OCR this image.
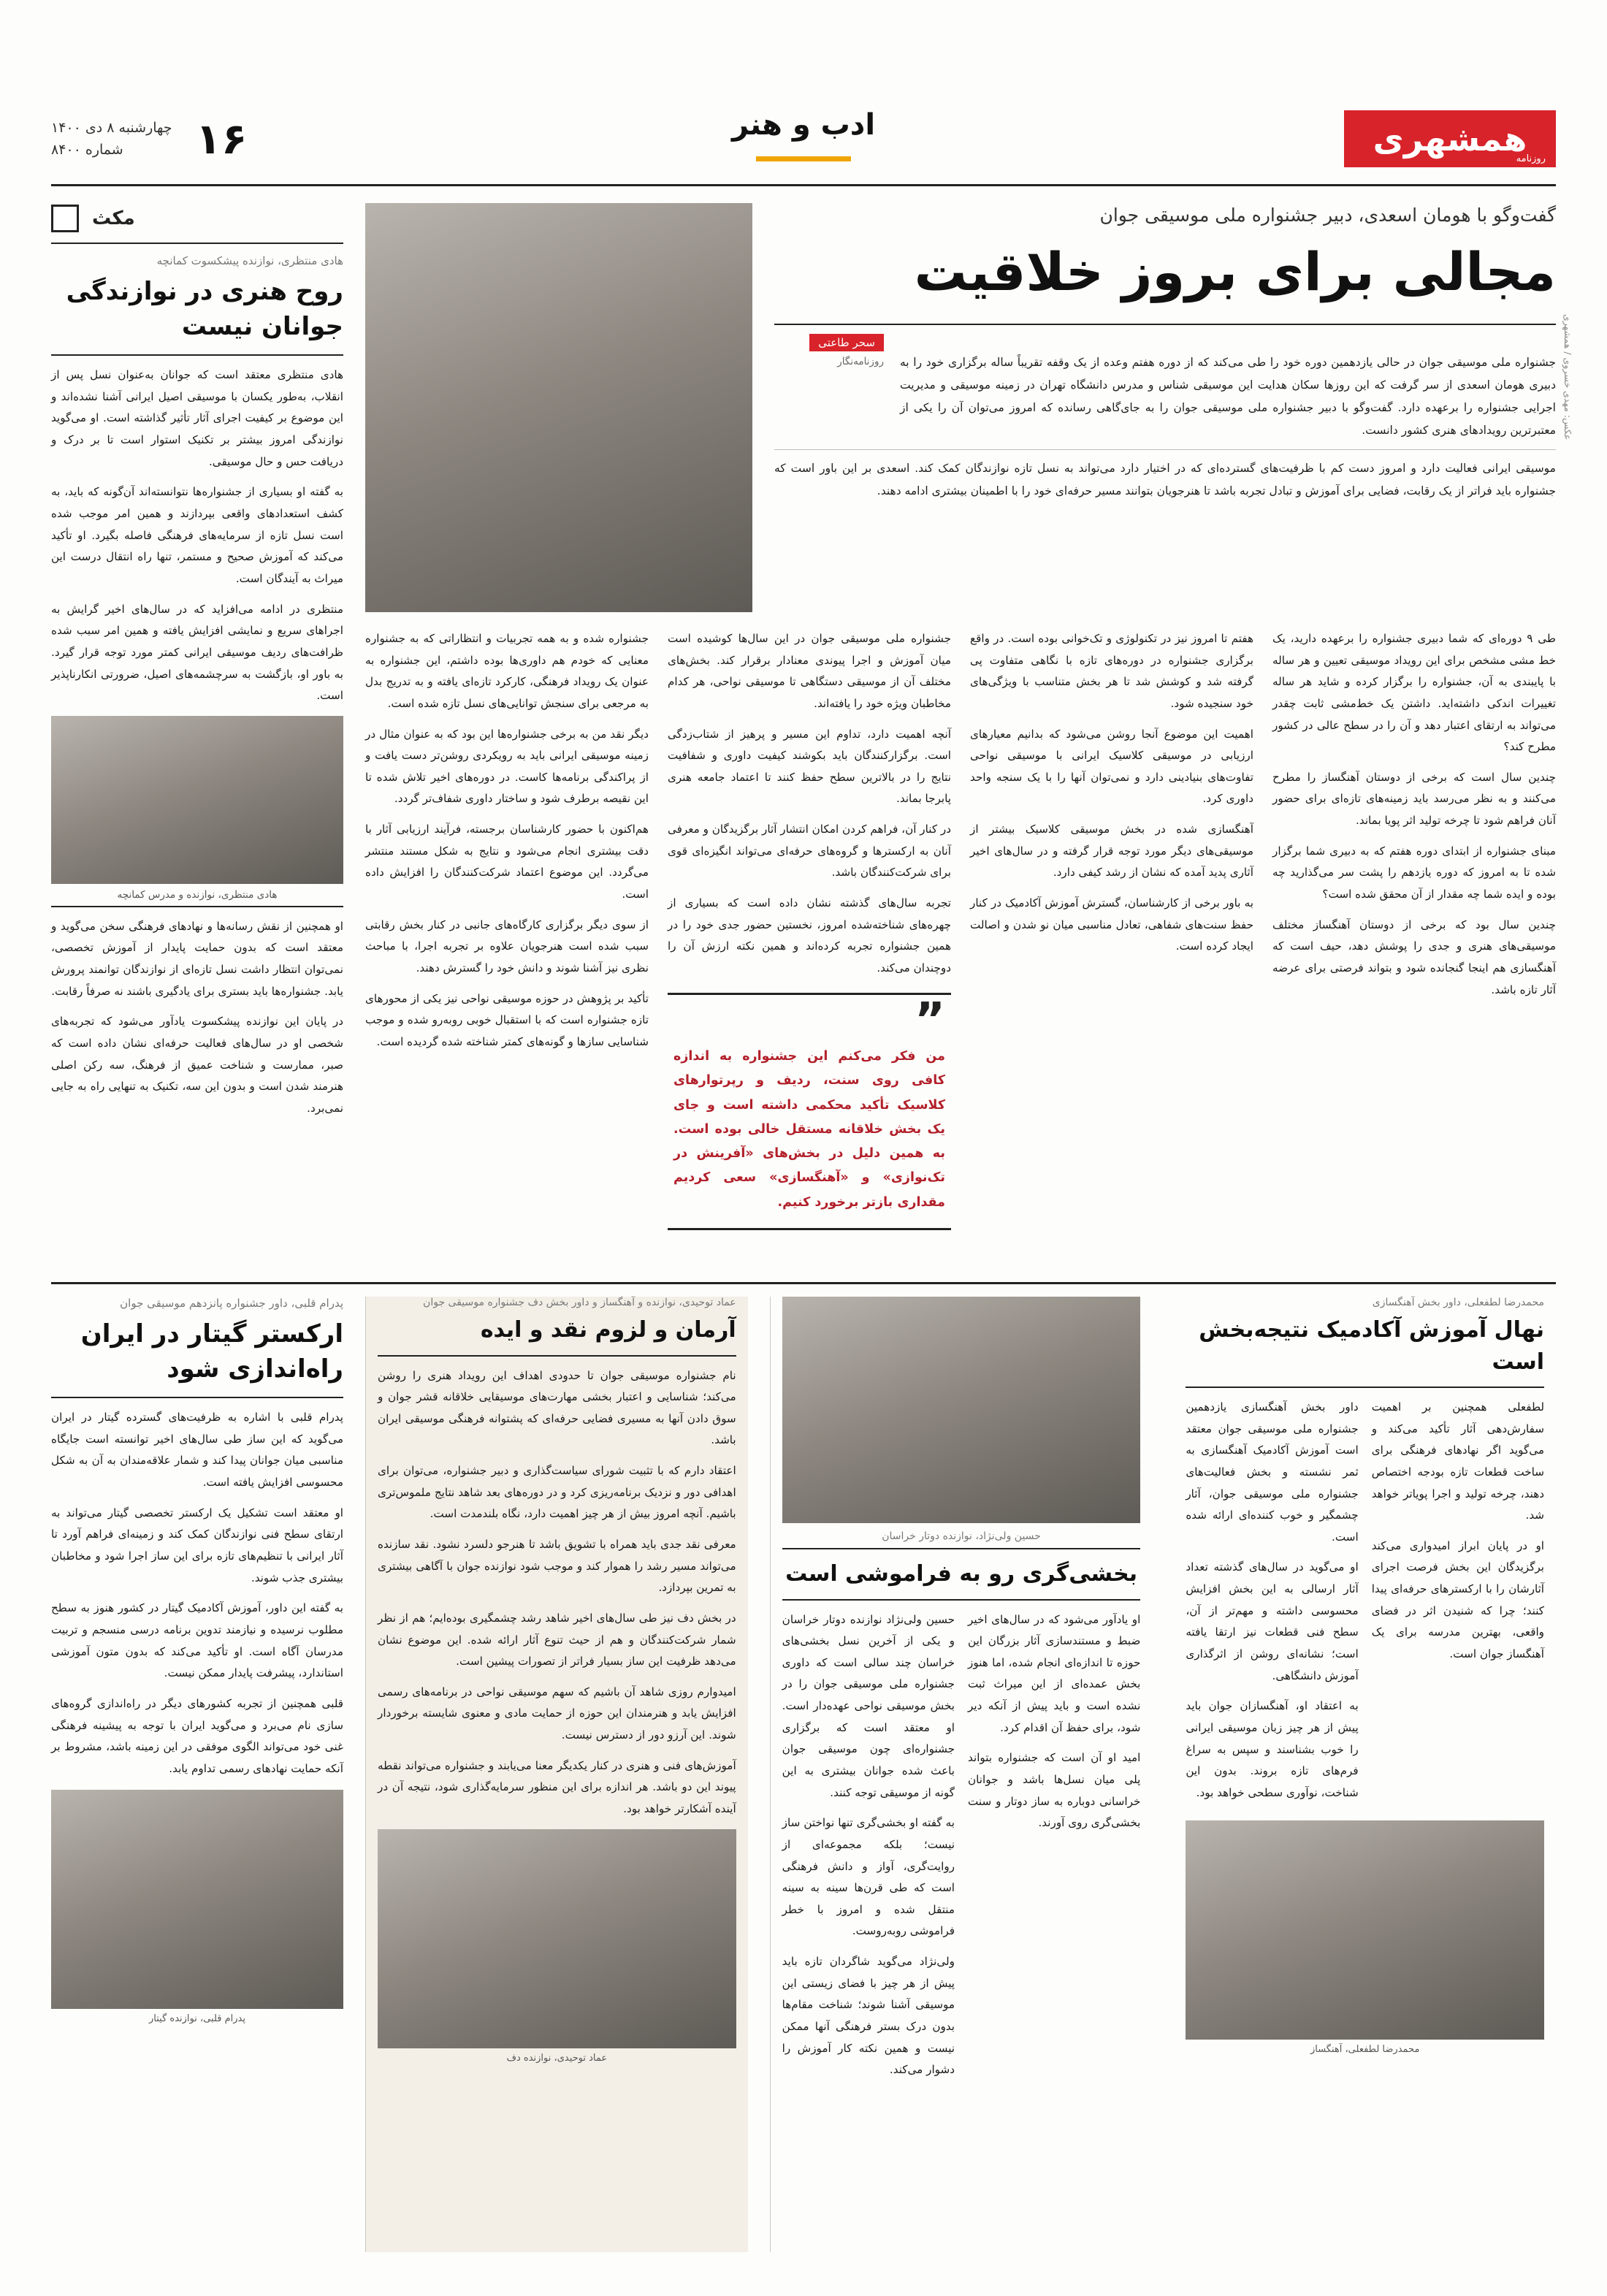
همشهری
روزنامه
۱۶
چهارشنبه ۸ دی ۱۴۰۰
شماره ۸۴۰۰
ادب و هنر
مکث
هادی منتظری، نوازنده پیشکسوت کمانچه
روح هنری در نوازندگی جوانان نیست

هادی منتظری معتقد است که جوانان به‌عنوان نسل پس از انقلاب، به‌طور یکسان با موسیقی اصیل ایرانی آشنا نشده‌اند و این موضوع بر کیفیت اجرای آثار تأثیر گذاشته است. او می‌گوید نوازندگی امروز بیشتر بر تکنیک استوار است تا بر درک و دریافت حس و حال موسیقی.

به گفته او بسیاری از جشنواره‌ها نتوانسته‌اند آن‌گونه که باید، به کشف استعدادهای واقعی بپردازند و همین امر موجب شده است نسل تازه از سرمایه‌های فرهنگی فاصله بگیرد. او تأکید می‌کند که آموزش صحیح و مستمر، تنها راه انتقال درست این میراث به آیندگان است.

منتظری در ادامه می‌افزاید که در سال‌های اخیر گرایش به اجراهای سریع و نمایشی افزایش یافته و همین امر سبب شده ظرافت‌های ردیف موسیقی ایرانی کمتر مورد توجه قرار گیرد. به باور او، بازگشت به سرچشمه‌های اصیل، ضرورتی انکارناپذیر است.

هادی منتظری، نوازنده و مدرس کمانچه

او همچنین از نقش رسانه‌ها و نهادهای فرهنگی سخن می‌گوید و معتقد است که بدون حمایت پایدار از آموزش تخصصی، نمی‌توان انتظار داشت نسل تازه‌ای از نوازندگان توانمند پرورش یابد. جشنواره‌ها باید بستری برای یادگیری باشند نه صرفاً رقابت.

در پایان این نوازنده پیشکسوت یادآور می‌شود که تجربه‌های شخصی او در سال‌های فعالیت حرفه‌ای نشان داده است که صبر، ممارست و شناخت عمیق از فرهنگ، سه رکن اصلی هنرمند شدن است و بدون این سه، تکنیک به تنهایی راه به جایی نمی‌برد.

گفت‌وگو با هومان اسعدی، دبیر جشنواره ملی موسیقی جوان
مجالی برای بروز خلاقیت
سحر طاعتی
روزنامه‌نگار جشنواره ملی موسیقی جوان در حالی یازدهمین دوره خود را طی می‌کند که از دوره هفتم وعده از یک وقفه تقریباً ساله برگزاری خود را به دبیری هومان اسعدی از سر گرفت که این روزها سکان هدایت این موسیقی شناس و مدرس دانشگاه تهران در زمینه موسیقی و مدیریت اجرایی جشنواره را برعهده دارد. گفت‌وگو با دبیر جشنواره ملی موسیقی جوان را به جای‌گاهی رسانده که امروز می‌توان آن را یکی از معتبرترین رویدادهای هنری کشور دانست.
موسیقی ایرانی فعالیت دارد و امروز دست کم با ظرفیت‌های گسترده‌ای که در اختیار دارد می‌تواند به نسل تازه نوازندگان کمک کند. اسعدی بر این باور است که جشنواره باید فراتر از یک رقابت، فضایی برای آموزش و تبادل تجربه باشد تا هنرجویان بتوانند مسیر حرفه‌ای خود را با اطمینان بیشتری ادامه دهند.
عکس: مهدی خسروی / همشهری

جشنواره شده و به همه تجربیات و انتظاراتی که به جشنواره معنایی که خودم هم داوری‌ها بوده داشتم، این جشنواره به عنوان یک رویداد فرهنگی، کارکرد تازه‌ای یافته و به تدریج بدل به مرجعی برای سنجش توانایی‌های نسل تازه شده است.

دیگر نقد من به برخی جشنواره‌ها این بود که به عنوان مثال در زمینه موسیقی ایرانی باید به رویکردی روشن‌تر دست یافت و از پراکندگی برنامه‌ها کاست. در دوره‌های اخیر تلاش شده تا این نقیصه برطرف شود و ساختار داوری شفاف‌تر گردد.

هم‌اکنون با حضور کارشناسان برجسته، فرآیند ارزیابی آثار با دقت بیشتری انجام می‌شود و نتایج به شکل مستند منتشر می‌گردد. این موضوع اعتماد شرکت‌کنندگان را افزایش داده است.

از سوی دیگر برگزاری کارگاه‌های جانبی در کنار بخش رقابتی سبب شده است هنرجویان علاوه بر تجربه اجرا، با مباحث نظری نیز آشنا شوند و دانش خود را گسترش دهند.

تأکید بر پژوهش در حوزه موسیقی نواحی نیز یکی از محورهای تازه جشنواره است که با استقبال خوبی روبه‌رو شده و موجب شناسایی سازها و گونه‌های کمتر شناخته شده گردیده است.

جشنواره ملی موسیقی جوان در این سال‌ها کوشیده است میان آموزش و اجرا پیوندی معنادار برقرار کند. بخش‌های مختلف آن از موسیقی دستگاهی تا موسیقی نواحی، هر کدام مخاطبان ویژه خود را یافته‌اند.

آنچه اهمیت دارد، تداوم این مسیر و پرهیز از شتاب‌زدگی است. برگزارکنندگان باید بکوشند کیفیت داوری و شفافیت نتایج را در بالاترین سطح حفظ کنند تا اعتماد جامعه هنری پابرجا بماند.

در کنار آن، فراهم کردن امکان انتشار آثار برگزیدگان و معرفی آنان به ارکسترها و گروه‌های حرفه‌ای می‌تواند انگیزه‌ای قوی برای شرکت‌کنندگان باشد.

تجربه سال‌های گذشته نشان داده است که بسیاری از چهره‌های شناخته‌شده امروز، نخستین حضور جدی خود را در همین جشنواره تجربه کرده‌اند و همین نکته ارزش آن را دوچندان می‌کند.

”
من فکر می‌کنم این جشنواره به اندازه کافی روی سنت، ردیف و رپرتوارهای کلاسیک تأکید محکمی داشته است و جای یک بخش خلاقانه مستقل خالی بوده است. به همین دلیل در بخش‌های «آفرینش در تک‌نوازی» و «آهنگسازی» سعی کردیم مقداری بازتر برخورد کنیم.

هفتم تا امروز نیز در تکنولوژی و تک‌خوانی بوده است. در واقع برگزاری جشنواره در دوره‌های تازه با نگاهی متفاوت پی گرفته شد و کوشش شد تا هر بخش متناسب با ویژگی‌های خود سنجیده شود.

اهمیت این موضوع آنجا روشن می‌شود که بدانیم معیارهای ارزیابی در موسیقی کلاسیک ایرانی با موسیقی نواحی تفاوت‌های بنیادینی دارد و نمی‌توان آنها را با یک سنجه واحد داوری کرد.

آهنگسازی شده در بخش موسیقی کلاسیک بیشتر از موسیقی‌های دیگر مورد توجه قرار گرفته و در سال‌های اخیر آثاری پدید آمده که نشان از رشد کیفی دارد.

به باور برخی از کارشناسان، گسترش آموزش آکادمیک در کنار حفظ سنت‌های شفاهی، تعادل مناسبی میان نو شدن و اصالت ایجاد کرده است.

طی ۹ دوره‌ای که شما دبیری جشنواره را برعهده دارید، یک خط مشی مشخص برای این رویداد موسیقی تعیین و هر ساله با پایبندی به آن، جشنواره را برگزار کرده و شاید هر ساله تغییرات اندکی داشته‌اید. داشتن یک خط‌مشی ثابت چقدر می‌تواند به ارتقای اعتبار دهد و آن را در سطح عالی در کشور مطرح کند؟

چندین سال است که برخی از دوستان آهنگساز را مطرح می‌کنند و به نظر می‌رسد باید زمینه‌های تازه‌ای برای حضور آنان فراهم شود تا چرخه تولید اثر پویا بماند.

مبنای جشنواره از ابتدای دوره هفتم که به دبیری شما برگزار شده تا به امروز که دوره یازدهم را پشت سر می‌گذارید چه بوده و ایده شما چه مقدار از آن محقق شده است؟

چندین سال بود که برخی از دوستان آهنگساز مختلف موسیقی‌های هنری و جدی را پوشش دهد، حیف است که آهنگسازی هم اینجا گنجانده شود و بتواند فرصتی برای عرضه آثار تازه باشد.

پدرام قلبی، داور جشنواره پانزدهم موسیقی جوان
ارکستر گیتار در ایران راه‌اندازی شود

پدرام قلبی با اشاره به ظرفیت‌های گسترده گیتار در ایران می‌گوید که این ساز طی سال‌های اخیر توانسته است جایگاه مناسبی میان جوانان پیدا کند و شمار علاقه‌مندان به آن به شکل محسوسی افزایش یافته است.

او معتقد است تشکیل یک ارکستر تخصصی گیتار می‌تواند به ارتقای سطح فنی نوازندگان کمک کند و زمینه‌ای فراهم آورد تا آثار ایرانی با تنظیم‌های تازه برای این ساز اجرا شود و مخاطبان بیشتری جذب شوند.

به گفته این داور، آموزش آکادمیک گیتار در کشور هنوز به سطح مطلوب نرسیده و نیازمند تدوین برنامه درسی منسجم و تربیت مدرسان آگاه است. او تأکید می‌کند که بدون متون آموزشی استاندارد، پیشرفت پایدار ممکن نیست.

قلبی همچنین از تجربه کشورهای دیگر در راه‌اندازی گروه‌های سازی نام می‌برد و می‌گوید ایران با توجه به پیشینه فرهنگی غنی خود می‌تواند الگوی موفقی در این زمینه باشد، مشروط بر آنکه حمایت نهادهای رسمی تداوم یابد.

پدرام قلبی، نوازنده گیتار
عماد توحیدی، نوازنده و آهنگساز و داور بخش دف جشنواره موسیقی جوان
آرمان و لزوم نقد و ایده

نام جشنواره موسیقی جوان تا حدودی اهداف این رویداد هنری را روشن می‌کند؛ شناسایی و اعتبار بخشی مهارت‌های موسیقایی خلاقانه قشر جوان و سوق دادن آنها به مسیری فضایی حرفه‌ای که پشتوانه فرهنگی موسیقی ایران باشد.

اعتقاد دارم که با تثبیت شورای سیاست‌گذاری و دبیر جشنواره، می‌توان برای اهدافی دور و نزدیک برنامه‌ریزی کرد و در دوره‌های بعد شاهد نتایج ملموس‌تری باشیم. آنچه امروز بیش از هر چیز اهمیت دارد، نگاه بلندمدت است.

معرفی نقد جدی باید همراه با تشویق باشد تا هنرجو دلسرد نشود. نقد سازنده می‌تواند مسیر رشد را هموار کند و موجب شود نوازنده جوان با آگاهی بیشتری به تمرین بپردازد.

در بخش دف نیز طی سال‌های اخیر شاهد رشد چشمگیری بوده‌ایم؛ هم از نظر شمار شرکت‌کنندگان و هم از حیث تنوع آثار ارائه شده. این موضوع نشان می‌دهد ظرفیت این ساز بسیار فراتر از تصورات پیشین است.

امیدوارم روزی شاهد آن باشیم که سهم موسیقی نواحی در برنامه‌های رسمی افزایش یابد و هنرمندان این حوزه از حمایت مادی و معنوی شایسته برخوردار شوند. این آرزو دور از دسترس نیست.

آموزش‌های فنی و هنری در کنار یکدیگر معنا می‌یابند و جشنواره می‌تواند نقطه پیوند این دو باشد. هر اندازه برای این منظور سرمایه‌گذاری شود، نتیجه آن در آینده آشکارتر خواهد بود.

عماد توحیدی، نوازنده دف
حسین ولی‌نژاد، نوازنده دوتار خراسان
بخشی‌گری رو به فراموشی است

حسین ولی‌نژاد نوازنده دوتار خراسان و یکی از آخرین نسل بخشی‌های خراسان چند سالی است که داوری جشنواره ملی موسیقی جوان را در بخش موسیقی نواحی عهده‌دار است. او معتقد است که برگزاری جشنواره‌ای چون موسیقی جوان باعث شده جوانان بیشتری به این گونه از موسیقی توجه کنند.

به گفته او بخشی‌گری تنها نواختن ساز نیست؛ بلکه مجموعه‌ای از روایت‌گری، آواز و دانش فرهنگی است که طی قرن‌ها سینه به سینه منتقل شده و امروز با خطر فراموشی روبه‌روست.

ولی‌نژاد می‌گوید شاگردان تازه باید پیش از هر چیز با فضای زیستی این موسیقی آشنا شوند؛ شناخت مقام‌ها بدون درک بستر فرهنگی آنها ممکن نیست و همین نکته کار آموزش را دشوار می‌کند.

او یادآور می‌شود که در سال‌های اخیر ضبط و مستندسازی آثار بزرگان این حوزه تا اندازه‌ای انجام شده، اما هنوز بخش عمده‌ای از این میراث ثبت نشده است و باید پیش از آنکه دیر شود، برای حفظ آن اقدام کرد.

امید او آن است که جشنواره بتواند پلی میان نسل‌ها باشد و جوانان خراسانی دوباره به ساز دوتار و سنت بخشی‌گری روی آورند.

محمدرضا لطفعلی، داور بخش آهنگسازی
نهال آموزش آکادمیک نتیجه‌بخش است

داور بخش آهنگسازی یازدهمین جشنواره ملی موسیقی جوان معتقد است آموزش آکادمیک آهنگسازی به ثمر نشسته و بخش فعالیت‌های جشنواره ملی موسیقی جوان، آثار چشمگیر و خوب کننده‌ای ارائه شده است.

او می‌گوید در سال‌های گذشته تعداد آثار ارسالی به این بخش افزایش محسوسی داشته و مهم‌تر از آن، سطح فنی قطعات نیز ارتقا یافته است؛ نشانه‌ای روشن از اثرگذاری آموزش دانشگاهی.

به اعتقاد او، آهنگسازان جوان باید پیش از هر چیز زبان موسیقی ایرانی را خوب بشناسند و سپس به سراغ فرم‌های تازه بروند. بدون این شناخت، نوآوری سطحی خواهد بود.

لطفعلی همچنین بر اهمیت سفارش‌دهی آثار تأکید می‌کند و می‌گوید اگر نهادهای فرهنگی برای ساخت قطعات تازه بودجه اختصاص دهند، چرخه تولید و اجرا پویاتر خواهد شد.

او در پایان ابراز امیدواری می‌کند برگزیدگان این بخش فرصت اجرای آثارشان را با ارکسترهای حرفه‌ای پیدا کنند؛ چرا که شنیدن اثر در فضای واقعی، بهترین مدرسه برای یک آهنگساز جوان است.

محمدرضا لطفعلی، آهنگساز
